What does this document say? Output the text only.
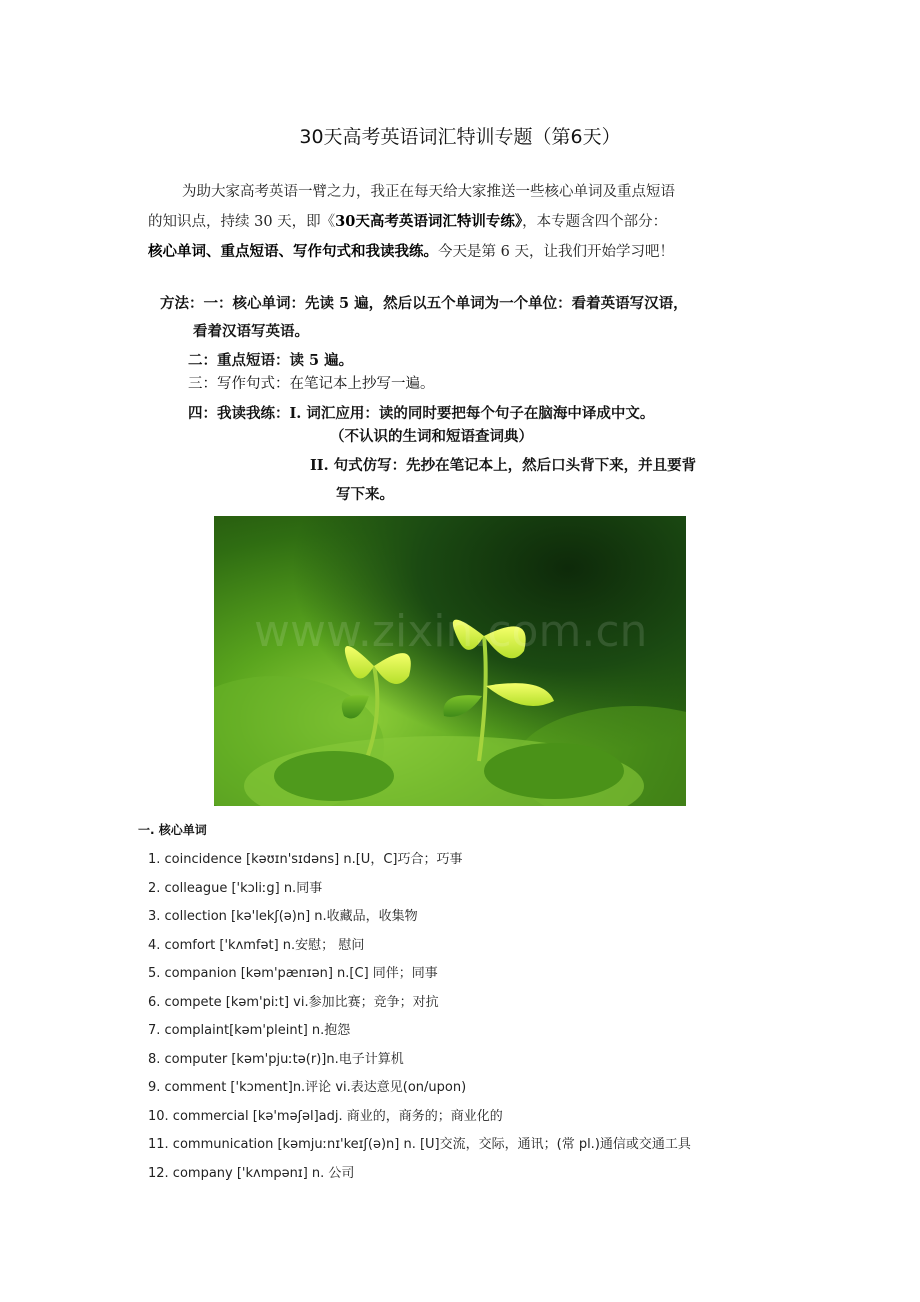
30天高考英语词汇特训专题（第6天）
为助大家高考英语一臂之力，我正在每天给大家推送一些核心单词及重点短语
的知识点，持续 30 天，即《30天高考英语词汇特训专练》，本专题含四个部分：
核心单词、重点短语、写作句式和我读我练。今天是第 6 天，让我们开始学习吧！
方法：一：核心单词：先读 5 遍，然后以五个单词为一个单位：看着英语写汉语，
看着汉语写英语。
二：重点短语：读 5 遍。
三：写作句式：在笔记本上抄写一遍。
四：我读我练：I. 词汇应用：读的同时要把每个句子在脑海中译成中文。
（不认识的生词和短语查词典）
II. 句式仿写：先抄在笔记本上，然后口头背下来，并且要背
写下来。
www.zixin.com.cn
一. 核心单词
1. coincidence [kəʊɪn'sɪdəns] n.[U，C]巧合；巧事
2. colleague ['kɔliːg] n.同事
3. collection [kə'lekʃ(ə)n] n.收藏品，收集物
4. comfort ['kʌmfət] n.安慰； 慰问
5. companion [kəm'pænɪən] n.[C] 同伴；同事
6. compete [kəm'piːt] vi.参加比赛；竞争；对抗
7. complaint[kəm'pleint] n.抱怨
8. computer [kəm'pjuːtə(r)]n.电子计算机
9. comment ['kɔment]n.评论 vi.表达意见(on/upon)
10. commercial [kə'məʃəl]adj. 商业的，商务的；商业化的
11. communication [kəmjuːnɪ'keɪʃ(ə)n] n. [U]交流，交际，通讯；(常 pl.)通信或交通工具
12. company ['kʌmpənɪ] n. 公司
